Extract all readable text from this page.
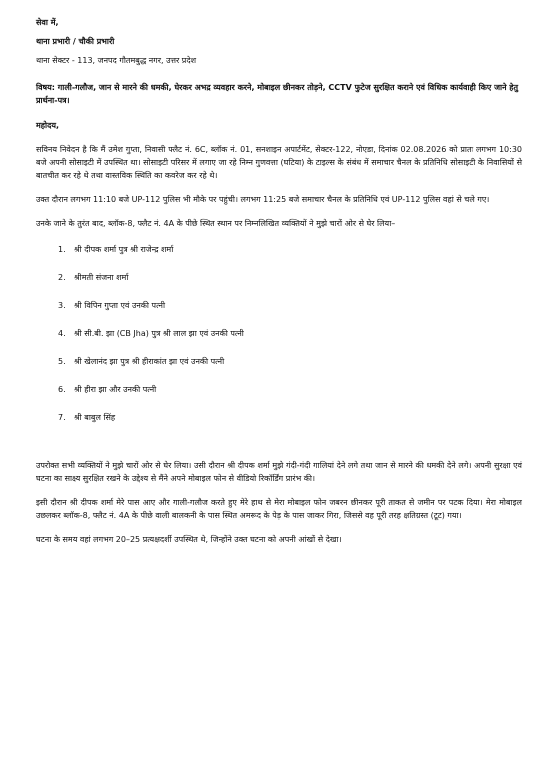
सेवा में,

थाना प्रभारी / चौकी प्रभारी

थाना सेक्टर - 113, जनपद गौतमबुद्ध नगर, उत्तर प्रदेश

विषय: गाली-गलौज, जान से मारने की धमकी, घेरकर अभद्र व्यवहार करने, मोबाइल छीनकर तोड़ने, CCTV फुटेज सुरक्षित कराने एवं विधिक कार्यवाही किए जाने हेतु प्रार्थना-पत्र।

महोदय,

सविनय निवेदन है कि मैं उमेश गुप्ता, निवासी फ्लैट नं. 6C, ब्लॉक नं. 01, सनशाइन अपार्टमेंट, सेक्टर-122, नोएडा, दिनांक 02.08.2026 को प्रातः लगभग 10:30 बजे अपनी सोसाइटी में उपस्थित था। सोसाइटी परिसर में लगाए जा रहे निम्न गुणवत्ता (घटिया) के टाइल्स के संबंध में समाचार चैनल के प्रतिनिधि सोसाइटी के निवासियों से बातचीत कर रहे थे तथा वास्तविक स्थिति का कवरेज कर रहे थे।

उक्त दौरान लगभग 11:10 बजे UP-112 पुलिस भी मौके पर पहुंची। लगभग 11:25 बजे समाचार चैनल के प्रतिनिधि एवं UP-112 पुलिस वहां से चले गए।

उनके जाने के तुरंत बाद, ब्लॉक-8, फ्लैट नं. 4A के पीछे स्थित स्थान पर निम्नलिखित व्यक्तियों ने मुझे चारों ओर से घेर लिया–

1.	श्री दीपक शर्मा पुत्र श्री राजेन्द्र शर्मा
2.	श्रीमती संजना शर्मा
3.	श्री विपिन गुप्ता एवं उनकी पत्नी
4.	श्री सी.बी. झा (CB Jha) पुत्र श्री लाल झा एवं उनकी पत्नी
5.	श्री खेलानंद झा पुत्र श्री हीराकांत झा एवं उनकी पत्नी
6.	श्री हीरा झा और उनकी पत्नी
7.	श्री बाबुल सिंह

उपरोक्त सभी व्यक्तियों ने मुझे चारों ओर से घेर लिया। उसी दौरान श्री दीपक शर्मा मुझे गंदी-गंदी गालियां देने लगे तथा जान से मारने की धमकी देने लगे। अपनी सुरक्षा एवं घटना का साक्ष्य सुरक्षित रखने के उद्देश्य से मैंने अपने मोबाइल फोन से वीडियो रिकॉर्डिंग प्रारंभ की।

इसी दौरान श्री दीपक शर्मा मेरे पास आए और गाली-गलौज करते हुए मेरे हाथ से मेरा मोबाइल फोन जबरन छीनकर पूरी ताकत से जमीन पर पटक दिया। मेरा मोबाइल उछलकर ब्लॉक-8, फ्लैट नं. 4A के पीछे वाली बालकनी के पास स्थित अमरूद के पेड़ के पास जाकर गिरा, जिससे वह पूरी तरह क्षतिग्रस्त (टूट) गया।

घटना के समय वहां लगभग 20–25 प्रत्यक्षदर्शी उपस्थित थे, जिन्होंने उक्त घटना को अपनी आंखों से देखा।
